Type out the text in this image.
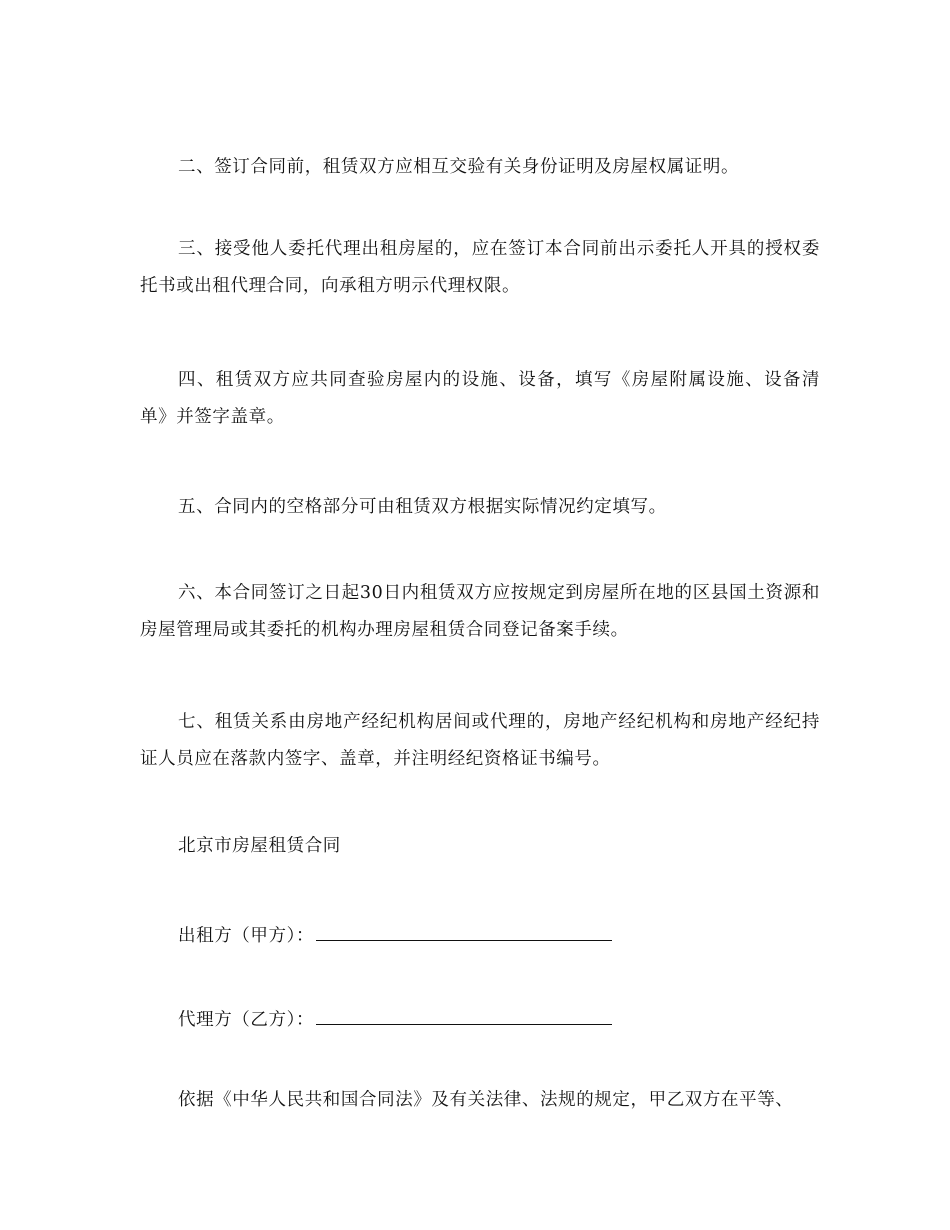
二、签订合同前，租赁双方应相互交验有关身份证明及房屋权属证明。

三、接受他人委托代理出租房屋的，应在签订本合同前出示委托人开具的授权委托书或出租代理合同，向承租方明示代理权限。

四、租赁双方应共同查验房屋内的设施、设备，填写《房屋附属设施、设备清单》并签字盖章。

五、合同内的空格部分可由租赁双方根据实际情况约定填写。

六、本合同签订之日起30日内租赁双方应按规定到房屋所在地的区县国土资源和房屋管理局或其委托的机构办理房屋租赁合同登记备案手续。

七、租赁关系由房地产经纪机构居间或代理的，房地产经纪机构和房地产经纪持证人员应在落款内签字、盖章，并注明经纪资格证书编号。

北京市房屋租赁合同

出租方（甲方）：

代理方（乙方）：

依据《中华人民共和国合同法》及有关法律、法规的规定，甲乙双方在平等、
